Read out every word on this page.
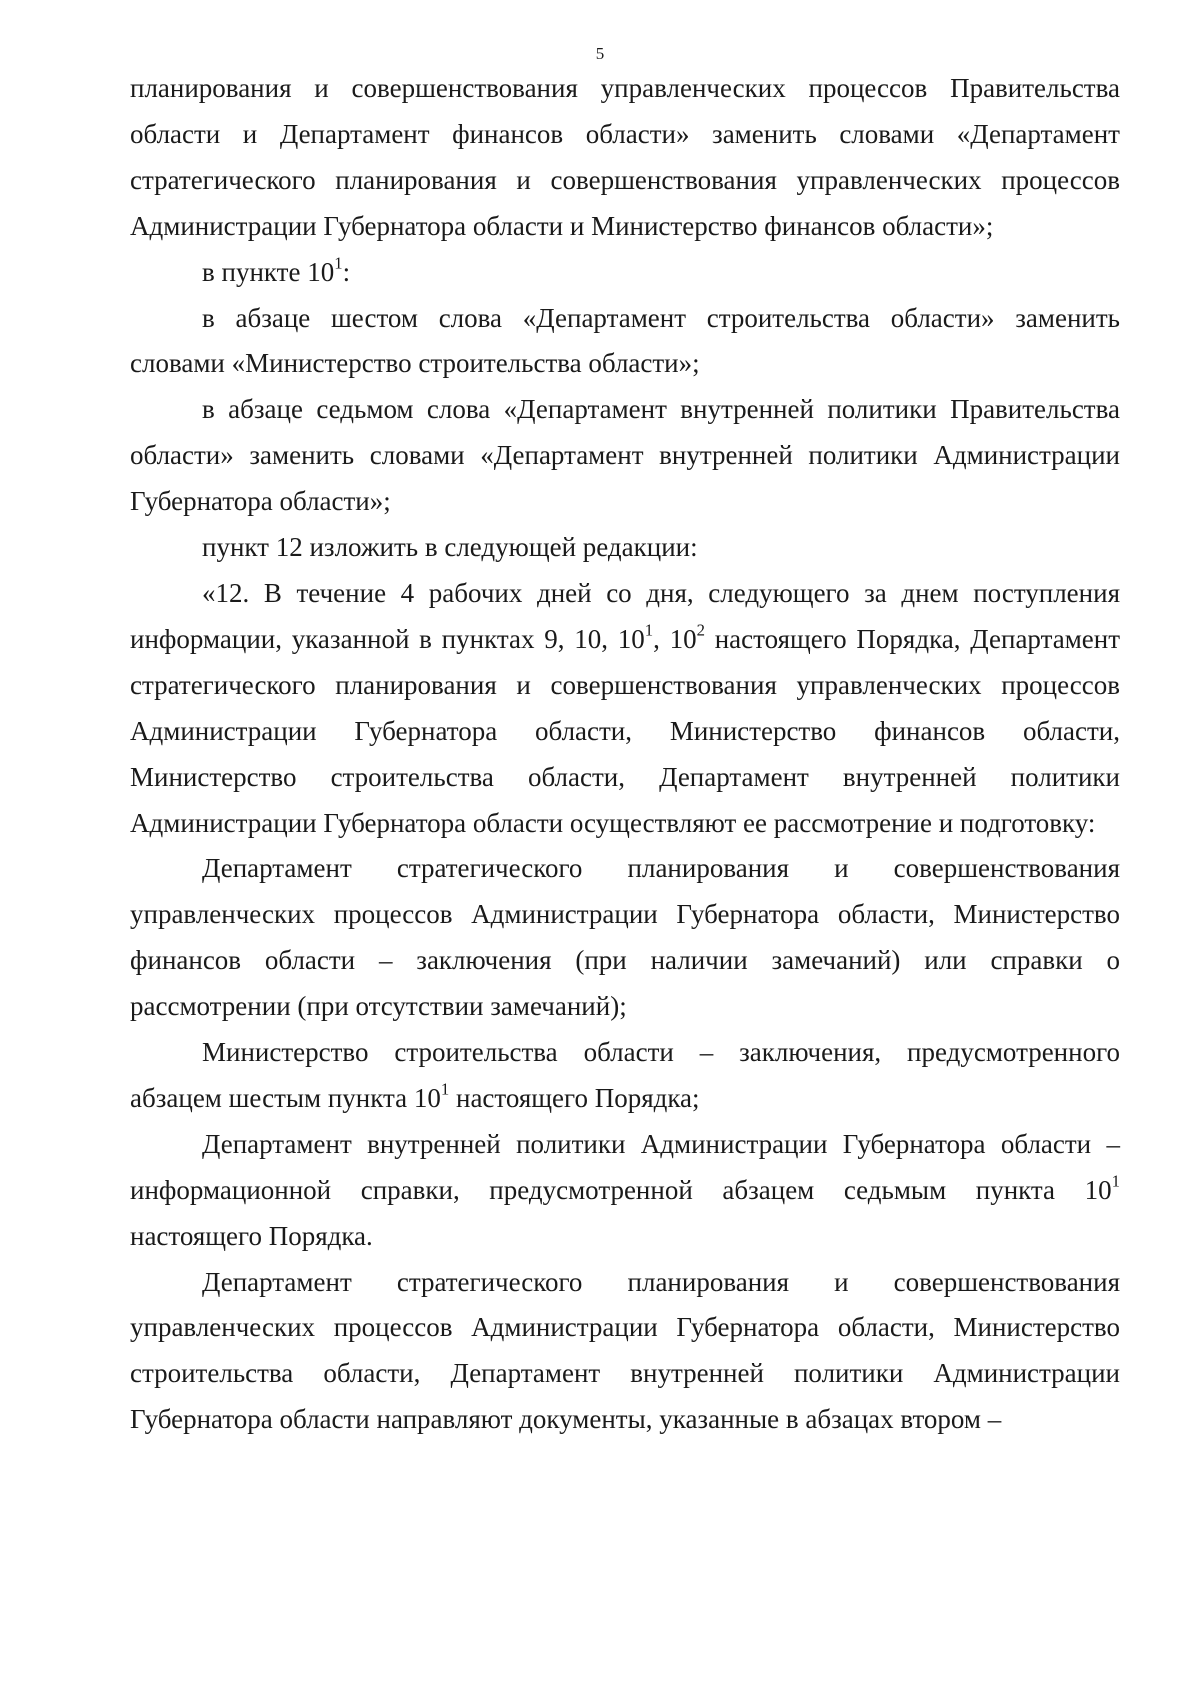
5

планирования и совершенствования управленческих процессов Правительства области и Департамент финансов области» заменить словами «Департамент стратегического планирования и совершенствования управленческих процессов Администрации Губернатора области и Министерство финансов области»;

в пункте $10^1$:

в абзаце шестом слова «Департамент строительства области» заменить словами «Министерство строительства области»;

в абзаце седьмом слова «Департамент внутренней политики Правительства области» заменить словами «Департамент внутренней политики Администрации Губернатора области»;

пункт 12 изложить в следующей редакции:

«12. В течение 4 рабочих дней со дня, следующего за днем поступления информации, указанной в пунктах 9, 10, $10^1$, $10^2$ настоящего Порядка, Департамент стратегического планирования и совершенствования управленческих процессов Администрации Губернатора области, Министерство финансов области, Министерство строительства области, Департамент внутренней политики Администрации Губернатора области осуществляют ее рассмотрение и подготовку:

Департамент стратегического планирования и совершенствования управленческих процессов Администрации Губернатора области, Министерство финансов области – заключения (при наличии замечаний) или справки о рассмотрении (при отсутствии замечаний);

Министерство строительства области – заключения, предусмотренного абзацем шестым пункта $10^1$ настоящего Порядка;

Департамент внутренней политики Администрации Губернатора области – информационной справки, предусмотренной абзацем седьмым пункта $10^1$ настоящего Порядка.

Департамент стратегического планирования и совершенствования управленческих процессов Администрации Губернатора области, Министерство строительства области, Департамент внутренней политики Администрации Губернатора области направляют документы, указанные в абзацах втором –
